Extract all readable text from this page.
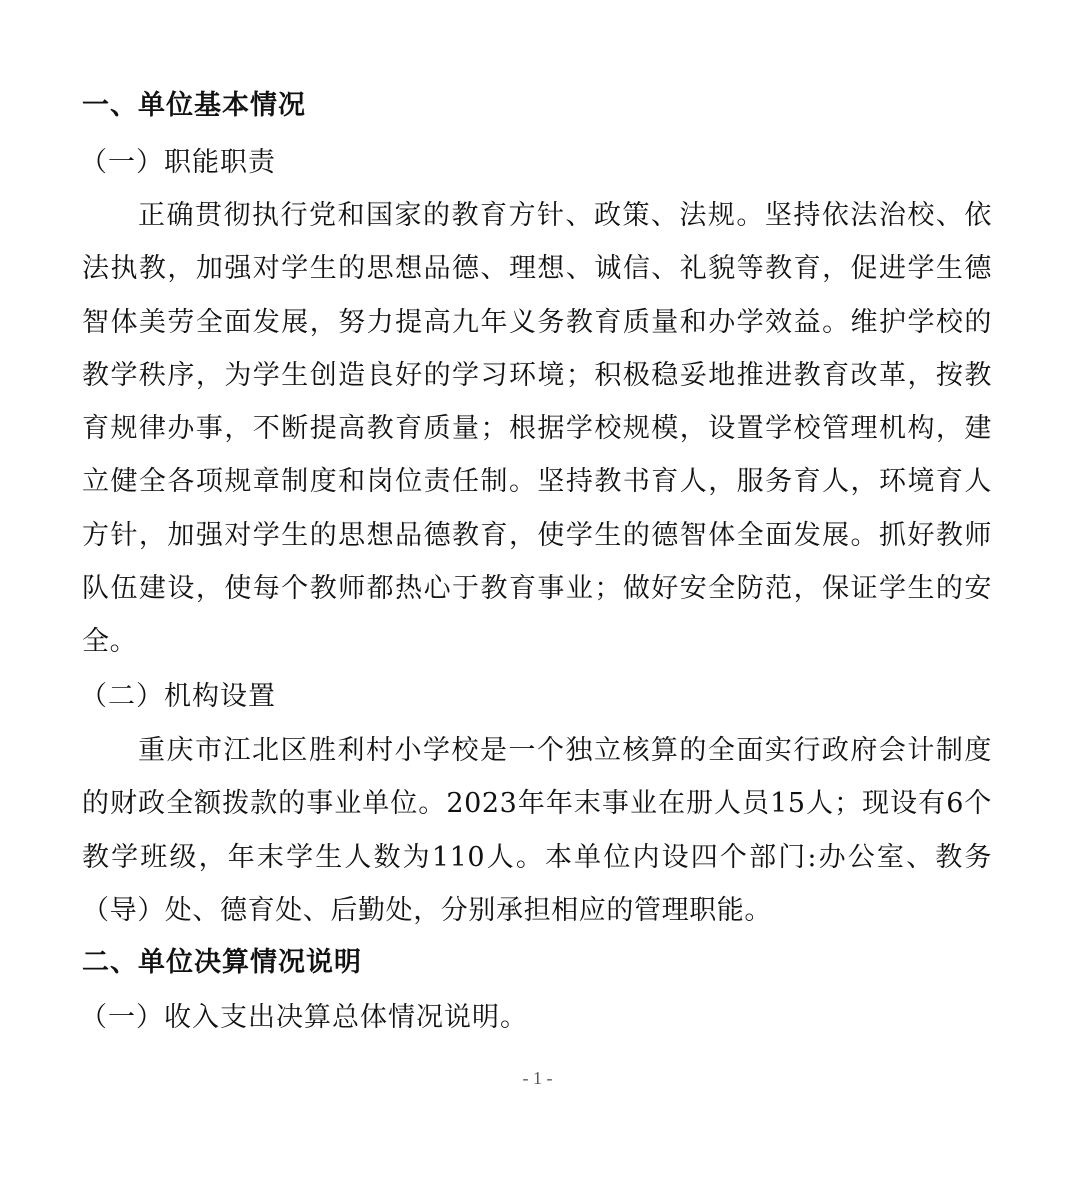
一、单位基本情况
（一）职能职责

正确贯彻执行党和国家的教育方针、政策、法规。坚持依法治校、依法执教，加强对学生的思想品德、理想、诚信、礼貌等教育，促进学生德智体美劳全面发展，努力提高九年义务教育质量和办学效益。维护学校的教学秩序，为学生创造良好的学习环境；积极稳妥地推进教育改革，按教育规律办事，不断提高教育质量；根据学校规模，设置学校管理机构，建立健全各项规章制度和岗位责任制。坚持教书育人，服务育人，环境育人方针，加强对学生的思想品德教育，使学生的德智体全面发展。抓好教师队伍建设，使每个教师都热心于教育事业；做好安全防范，保证学生的安全。

（二）机构设置

重庆市江北区胜利村小学校是一个独立核算的全面实行政府会计制度的财政全额拨款的事业单位。2023年年末事业在册人员15人；现设有6个教学班级，年末学生人数为110人。本单位内设四个部门:办公室、教务（导）处、德育处、后勤处，分别承担相应的管理职能。

二、单位决算情况说明
（一）收入支出决算总体情况说明。
- 1 -
